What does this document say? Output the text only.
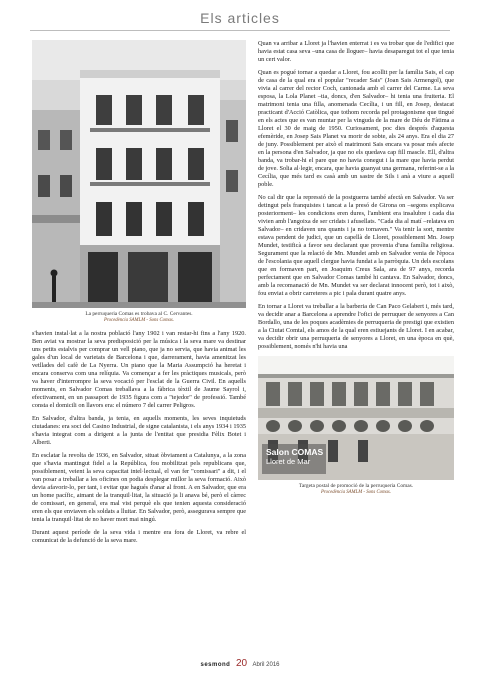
Els articles
La perruqueria Comas es trobava al C. Cervantes.
Procedència SAMLM - Sons Comas.

s'havien instal·lat a la nostra població l'any 1902 i van restar-hi fins a l'any 1920. Ben aviat va mostrar la seva predisposició per la música i la seva mare va destinar uns petits estalvis per comprar un vell piano, que ja no servia, que havia animat les gales d'un local de varietats de Barcelona i que, darrerament, havia amenitzat les vetllades del cafè de La Nyerra. Un piano que la Maria Assumpció ha heretat i encara conserva com una relíquia. Va començar a fer les pràctiques musicals, però va haver d'interrompre la seva vocació per l'esclat de la Guerra Civil. En aquells moments, en Salvador Comas treballava a la fàbrica tèxtil de Jaume Sayrol i, efectivament, en un passaport de 1935 figura com a "tejedor" de professió. També consta el domicili on llavors era: el número 7 del carrer Peligros.

En Salvador, d'altra banda, ja tenia, en aquells moments, les seves inquietuds ciutadanes: era soci del Casino Industrial, de signe catalanista, i els anys 1934 i 1935 s'havia integrat com a dirigent a la junta de l'entitat que presidia Fèlix Botet i Alberti.

En esclatar la revolta de 1936, en Salvador, situat òbviament a Catalunya, a la zona que s'havia mantingut fidel a la República, fou mobilitzat pels republicans que, possiblement, veient la seva capacitat intel·lectual, el van fer "comissari" a dit, i el van posar a treballar a les oficines on podia desplegar millor la seva formació. Això devia afavorir-lo, per tant, i evitar que hagués d'anar al front. A en Salvador, que era un home pacífic, aimant de la tranquil·litat, la situació ja li anava bé, però el càrrec de comissari, en general, era mal vist perquè els que tenien aquesta consideració eren els que enviaven els soldats a lluitar. En Salvador, però, assegurava sempre que tenia la tranquil·litat de no haver mort mai ningú.

Durant aquest període de la seva vida i mentre era fora de Lloret, va rebre el comunicat de la defunció de la seva mare.

Quan va arribar a Lloret ja l'havien enterrat i es va trobar que de l'edifici que havia estat casa seva –una casa de lloguer– havia desaparegut tot el que tenia un cert valor.

Quan es pogué tornar a quedar a Lloret, fou acollit per la família Sais, el cap de casa de la qual era el popular "recader Sais" (Joan Sais Armengol), que vivia al carrer del rector Coch, cantonada amb el carrer del Carme. La seva esposa, la Lola Planet –tia, doncs, d'en Salvador– hi tenia una fruiteria. El matrimoni tenia una filla, anomenada Cecília, i un fill, en Josep, destacat practicant d'Acció Catòlica, que tothom recorda pel protagonisme que tingué en els actes que es van muntar per la vinguda de la mare de Déu de Fàtima a Lloret el 30 de maig de 1950. Curiosament, poc dies després d'aquesta efemèride, en Josep Sais Planet va morir de sobte, als 24 anys. Era el dia 27 de juny. Possiblement per això el matrimoni Sais encara va posar més afecte en la persona d'en Salvador, ja que no els quedava cap fill mascle. Ell, d'altra banda, va trobar-hi el pare que no havia conegut i la mare que havia perdut de jove. Solia al·legir, encara, que havia guanyat una germana, referint-se a la Cecília, que més tard es casà amb un sastre de Sils i anà a viure a aquell poble.

No cal dir que la repressió de la postguerra també afectà en Salvador. Va ser detingut pels franquistes i tancat a la presó de Girona on –segons explicava posteriorment– les condicions eren dures, l'ambient era insalubre i cada dia vivien amb l'angoixa de ser cridats i afusellats. "Cada dia al matí –relatava en Salvador– en cridaven uns quants i ja no tornaven." Va tenir la sort, mentre estava pendent de judici, que un capellà de Lloret, possiblement Mn. Josep Mundet, testificà a favor seu declarant que provenia d'una família religiosa. Segurament que la relació de Mn. Mundet amb en Salvador venia de l'època de l'escolania que aquell clergue havia fundat a la parròquia. Un dels escolans que en formaven part, en Joaquim Creus Sala, ara de 97 anys, recorda perfectament que en Salvador Comas també hi cantava. En Salvador, doncs, amb la recomanació de Mn. Mundet va ser declarat innocent però, tot i això, fou enviat a obrir carreteres a pic i pala durant quatre anys.

En tornar a Lloret va treballar a la barberia de Can Paco Gelabert i, més tard, va decidir anar a Barcelona a aprendre l'ofici de perruquer de senyores a Can Bordallo, una de les poques acadèmies de perruqueria de prestigi que existien a la Ciutat Comtal, els amos de la qual eren estiuejants de Lloret. I en acabar, va decidir obrir una perruqueria de senyores a Lloret, en una època en què, possiblement, només n'hi havia una

Salon COMAS
Lloret de Mar
Targeta postal de promoció de la perruqueria Comas.
Procedència SAMLM - Sons Comas.
sesmond 20 Abril 2016
